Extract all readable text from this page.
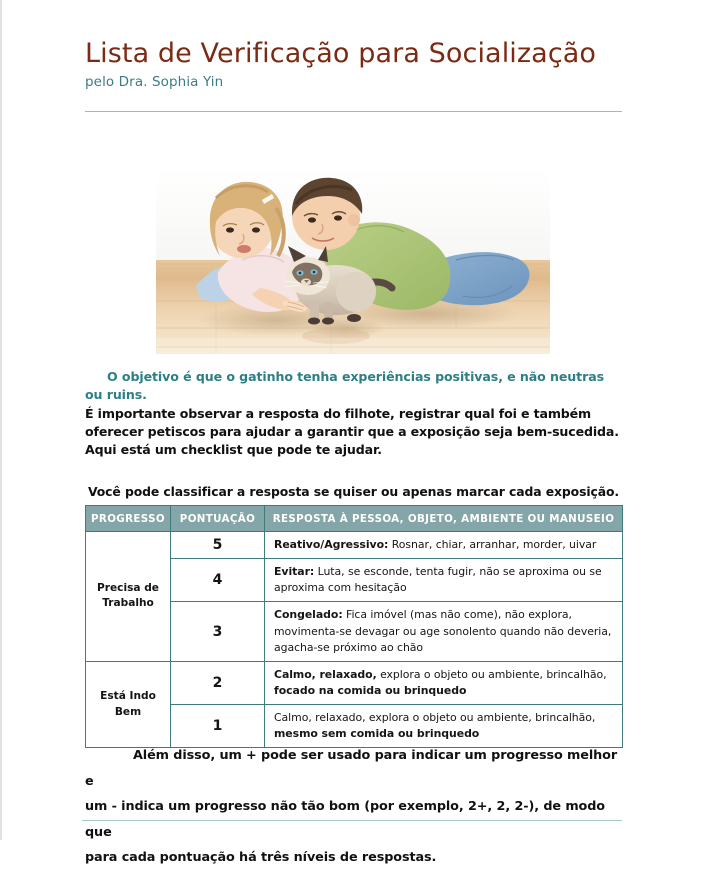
Lista de Verificação para Socialização
pelo Dra. Sophia Yin
O objetivo é que o gatinho tenha experiências positivas, e não neutras ou ruins.
É importante observar a resposta do filhote, registrar qual foi e também oferecer petiscos para ajudar a garantir que a exposição seja bem-sucedida. Aqui está um checklist que pode te ajudar.
Você pode classificar a resposta se quiser ou apenas marcar cada exposição.
PROGRESSO	PONTUAÇÃO	RESPOSTA À PESSOA, OBJETO, AMBIENTE OU MANUSEIO
Precisa de
Trabalho	5	Reativo/Agressivo: Rosnar, chiar, arranhar, morder, uivar
	4	Evitar: Luta, se esconde, tenta fugir, não se aproxima ou se aproxima com hesitação
	3	Congelado: Fica imóvel (mas não come), não explora, movimenta-se devagar ou age sonolento quando não deveria, agacha-se próximo ao chão
Está Indo
Bem	2	Calmo, relaxado, explora o objeto ou ambiente, brincalhão, focado na comida ou brinquedo
	1	Calmo, relaxado, explora o objeto ou ambiente, brincalhão, mesmo sem comida ou brinquedo
Além disso, um + pode ser usado para indicar um progresso melhor e
um - indica um progresso não tão bom (por exemplo, 2+, 2, 2-), de modo que
para cada pontuação há três níveis de respostas.
